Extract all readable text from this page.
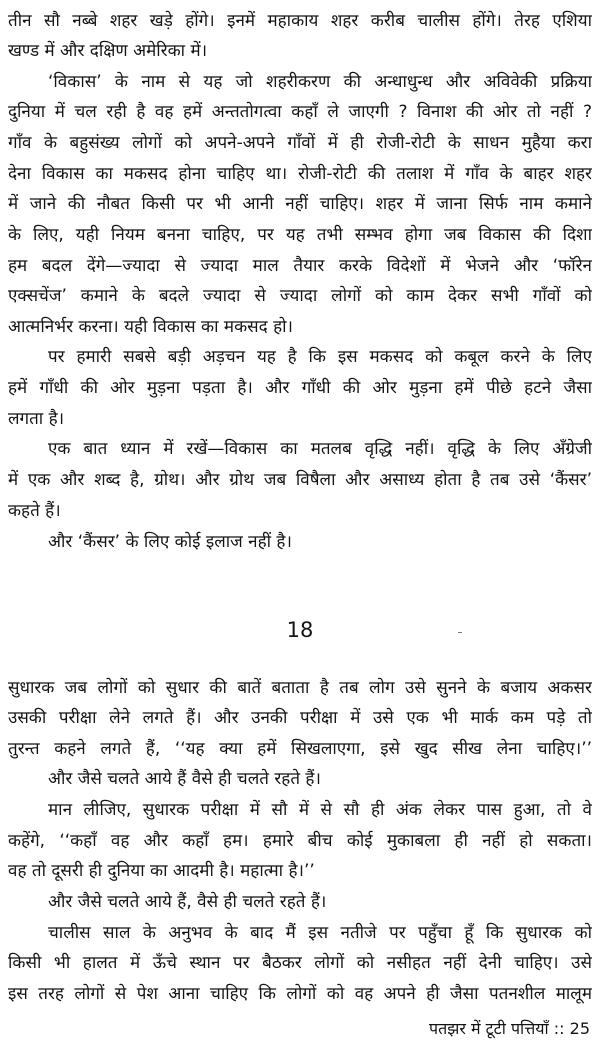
तीन सौ नब्बे शहर खड़े होंगे। इनमें महाकाय शहर करीब चालीस होंगे। तेरह एशिया
खण्ड में और दक्षिण अमेरिका में।
‘विकास’ के नाम से यह जो शहरीकरण की अन्धाधुन्ध और अविवेकी प्रक्रिया
दुनिया में चल रही है वह हमें अन्ततोगत्वा कहाँ ले जाएगी ? विनाश की ओर तो नहीं ?
गाँव के बहुसंख्य लोगों को अपने-अपने गाँवों में ही रोजी-रोटी के साधन मुहैया करा
देना विकास का मकसद होना चाहिए था। रोजी-रोटी की तलाश में गाँव के बाहर शहर
में जाने की नौबत किसी पर भी आनी नहीं चाहिए। शहर में जाना सिर्फ नाम कमाने
के लिए, यही नियम बनना चाहिए, पर यह तभी सम्भव होगा जब विकास की दिशा
हम बदल देंगे—ज्यादा से ज्यादा माल तैयार करके विदेशों में भेजने और ‘फॉरेन
एक्सचेंज’ कमाने के बदले ज्यादा से ज्यादा लोगों को काम देकर सभी गाँवों को
आत्मनिर्भर करना। यही विकास का मकसद हो।
पर हमारी सबसे बड़ी अड़चन यह है कि इस मकसद को कबूल करने के लिए
हमें गाँधी की ओर मुड़ना पड़ता है। और गाँधी की ओर मुड़ना हमें पीछे हटने जैसा
लगता है।
एक बात ध्यान में रखें—विकास का मतलब वृद्धि नहीं। वृद्धि के लिए अँग्रेजी
में एक और शब्द है, ग्रोथ। और ग्रोथ जब विषैला और असाध्य होता है तब उसे ‘कैंसर’
कहते हैं।
और ‘कैंसर’ के लिए कोई इलाज नहीं है।
18
सुधारक जब लोगों को सुधार की बातें बताता है तब लोग उसे सुनने के बजाय अकसर
उसकी परीक्षा लेने लगते हैं। और उनकी परीक्षा में उसे एक भी मार्क कम पड़े तो
तुरन्त कहने लगते हैं, ‘‘यह क्या हमें सिखलाएगा, इसे खुद सीख लेना चाहिए।’’
और जैसे चलते आये हैं वैसे ही चलते रहते हैं।
मान लीजिए, सुधारक परीक्षा में सौ में से सौ ही अंक लेकर पास हुआ, तो वे
कहेंगे, ‘‘कहाँ वह और कहाँ हम। हमारे बीच कोई मुकाबला ही नहीं हो सकता।
वह तो दूसरी ही दुनिया का आदमी है। महात्मा है।’’
और जैसे चलते आये हैं, वैसे ही चलते रहते हैं।
चालीस साल के अनुभव के बाद मैं इस नतीजे पर पहुँचा हूँ कि सुधारक को
किसी भी हालत में ऊँचे स्थान पर बैठकर लोगों को नसीहत नहीं देनी चाहिए। उसे
इस तरह लोगों से पेश आना चाहिए कि लोगों को वह अपने ही जैसा पतनशील मालूम
पतझर में टूटी पत्तियाँ :: 25
